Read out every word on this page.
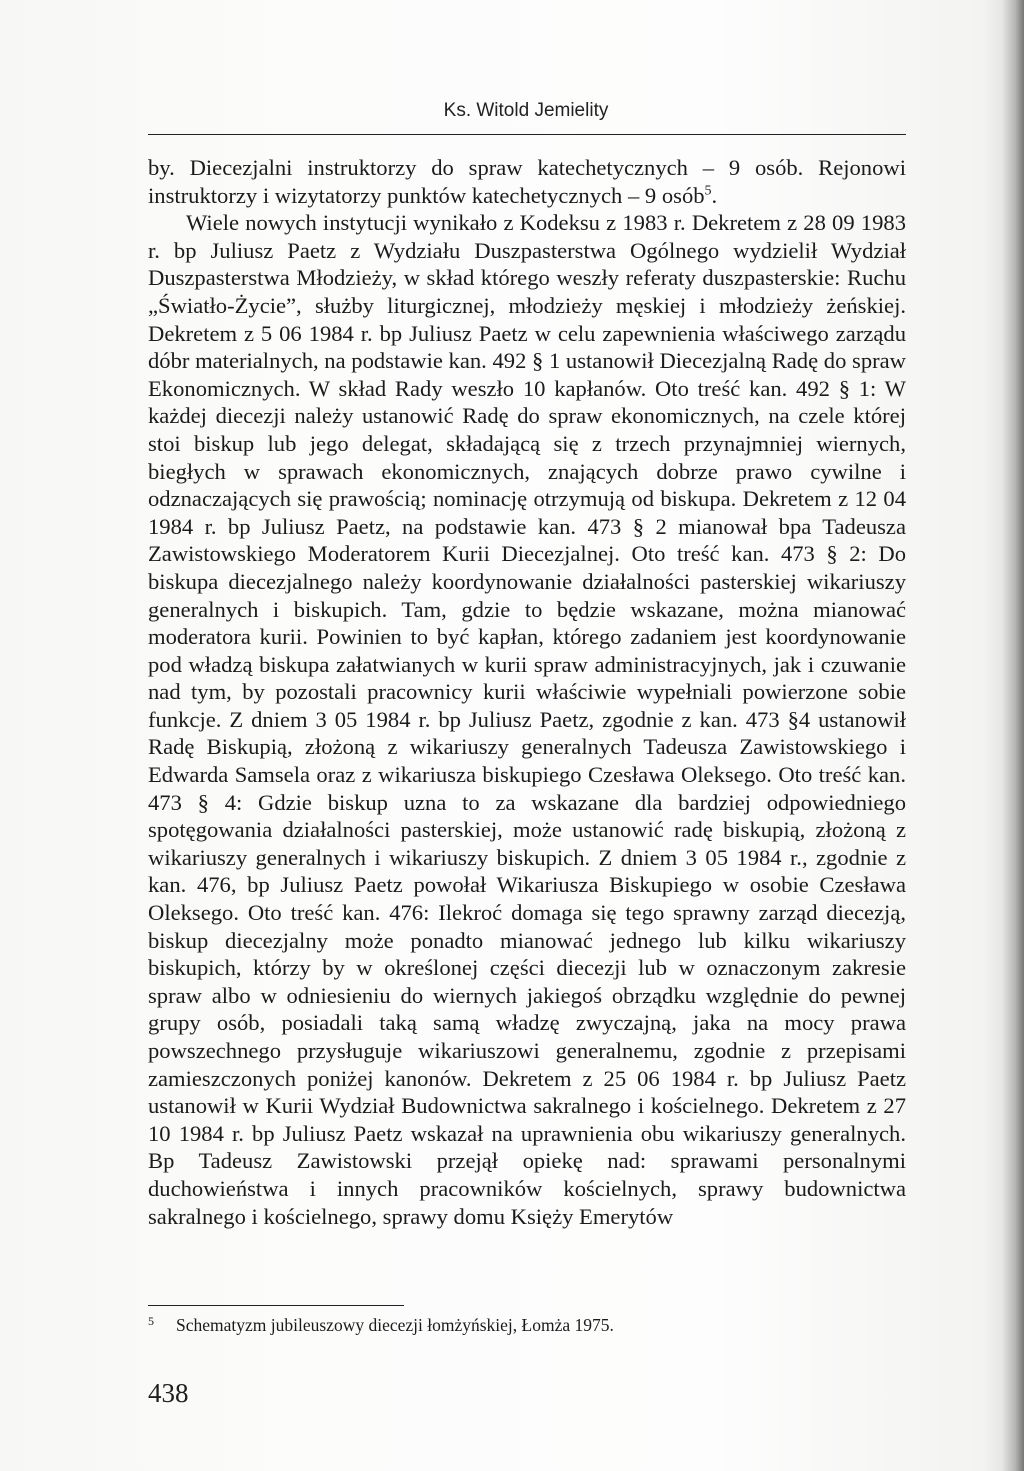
Ks. Witold Jemielity

by. Diecezjalni instruktorzy do spraw katechetycznych – 9 osób. Rejonowi instruktorzy i wizytatorzy punktów katechetycznych – 9 osób$^5$.

Wiele nowych instytucji wynikało z Kodeksu z 1983 r. Dekretem z 28 09 1983 r. bp Juliusz Paetz z Wydziału Duszpasterstwa Ogólnego wydzielił Wydział Duszpasterstwa Młodzieży, w skład którego weszły referaty duszpasterskie: Ruchu „Światło-Życie”, służby liturgicznej, młodzieży męskiej i młodzieży żeńskiej. Dekretem z 5 06 1984 r. bp Juliusz Paetz w celu zapewnienia właściwego zarządu dóbr materialnych, na podstawie kan. 492 § 1 ustanowił Diecezjalną Radę do spraw Ekonomicznych. W skład Rady weszło 10 kapłanów. Oto treść kan. 492 § 1: W każdej diecezji należy ustanowić Radę do spraw ekonomicznych, na czele której stoi biskup lub jego delegat, składającą się z trzech przynajmniej wiernych, biegłych w sprawach ekonomicznych, znających dobrze prawo cywilne i odznaczających się prawością; nominację otrzymują od biskupa. Dekretem z 12 04 1984 r. bp Juliusz Paetz, na podstawie kan. 473 § 2 mianował bpa Tadeusza Zawistowskiego Moderatorem Kurii Diecezjalnej. Oto treść kan. 473 § 2: Do biskupa diecezjalnego należy koordynowanie działalności pasterskiej wikariuszy generalnych i biskupich. Tam, gdzie to będzie wskazane, można mianować moderatora kurii. Powinien to być kapłan, którego zadaniem jest koordynowanie pod władzą biskupa załatwianych w kurii spraw administracyjnych, jak i czuwanie nad tym, by pozostali pracownicy kurii właściwie wypełniali powierzone sobie funkcje. Z dniem 3 05 1984 r. bp Juliusz Paetz, zgodnie z kan. 473 §4 ustanowił Radę Biskupią, złożoną z wikariuszy generalnych Tadeusza Zawistowskiego i Edwarda Samsela oraz z wikariusza biskupiego Czesława Oleksego. Oto treść kan. 473 § 4: Gdzie biskup uzna to za wskazane dla bardziej odpowiedniego spotęgowania działalności pasterskiej, może ustanowić radę biskupią, złożoną z wikariuszy generalnych i wikariuszy biskupich. Z dniem 3 05 1984 r., zgodnie z kan. 476, bp Juliusz Paetz powołał Wikariusza Biskupiego w osobie Czesława Oleksego. Oto treść kan. 476: Ilekroć domaga się tego sprawny zarząd diecezją, biskup diecezjalny może ponadto mianować jednego lub kilku wikariuszy biskupich, którzy by w określonej części diecezji lub w oznaczonym zakresie spraw albo w odniesieniu do wiernych jakiegoś obrządku względnie do pewnej grupy osób, posiadali taką samą władzę zwyczajną, jaka na mocy prawa powszechnego przysługuje wikariuszowi generalnemu, zgodnie z przepisami zamieszczonych poniżej kanonów. Dekretem z 25 06 1984 r. bp Juliusz Paetz ustanowił w Kurii Wydział Budownictwa sakralnego i kościelnego. Dekretem z 27 10 1984 r. bp Juliusz Paetz wskazał na uprawnienia obu wikariuszy generalnych. Bp Tadeusz Zawistowski przejął opiekę nad: sprawami personalnymi duchowieństwa i innych pracowników kościelnych, sprawy budownictwa sakralnego i kościelnego, sprawy domu Księży Emerytów

5 Schematyzm jubileuszowy diecezji łomżyńskiej, Łomża 1975.
438
